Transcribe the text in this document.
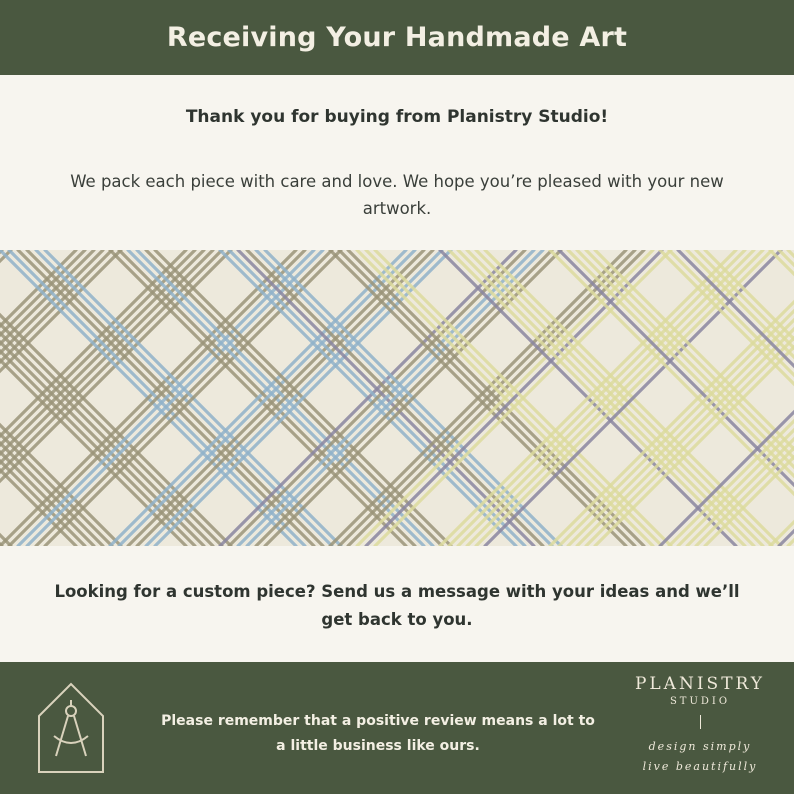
Receiving Your Handmade Art
Thank you for buying from Planistry Studio!
We pack each piece with care and love. We hope you’re pleased with your new artwork.
Looking for a custom piece? Send us a message with your ideas and we’ll get back to you.
Please remember that a positive review means a lot to a little business like ours.
PLANISTRY
STUDIO
design simply
live beautifully
